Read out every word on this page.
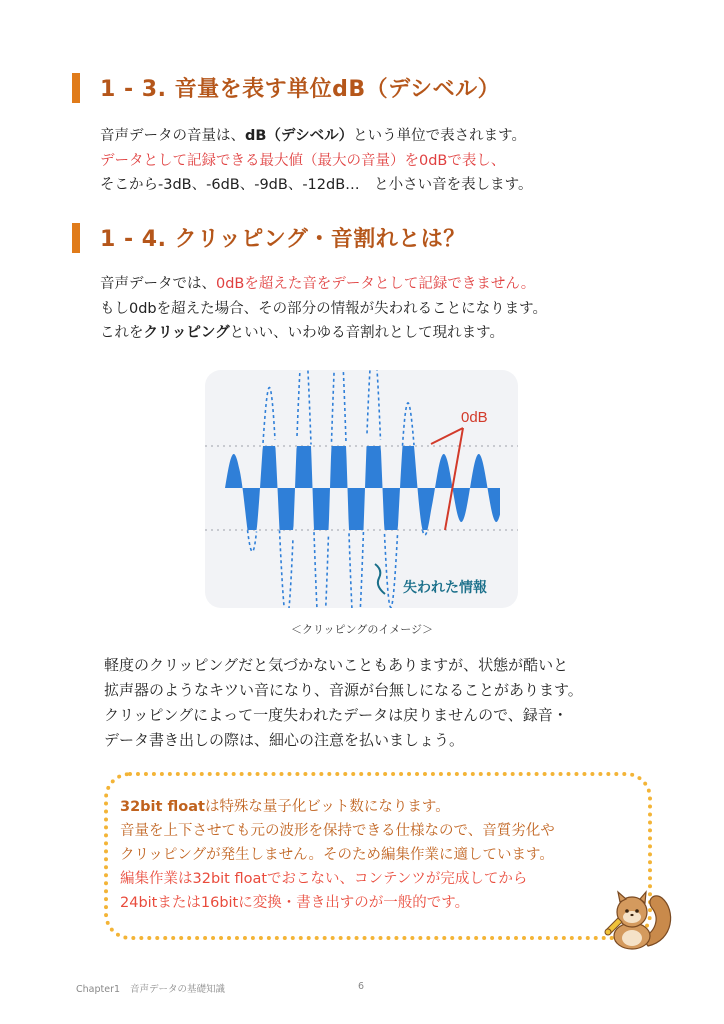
1 - 3. 音量を表す単位dB（デシベル）
音声データの音量は、dB（デシベル）という単位で表されます。
データとして記録できる最大値（最大の音量）を0dBで表し、
そこから-3dB、-6dB、-9dB、-12dB…　と小さい音を表します。
1 - 4. クリッピング・音割れとは？
音声データでは、0dBを超えた音をデータとして記録できません。
もし0dbを超えた場合、その部分の情報が失われることになります。
これをクリッピングといい、いわゆる音割れとして現れます。
0dB
失われた情報
＜クリッピングのイメージ＞
軽度のクリッピングだと気づかないこともありますが、状態が酷いと
拡声器のようなキツい音になり、音源が台無しになることがあります。
クリッピングによって一度失われたデータは戻りませんので、録音・
データ書き出しの際は、細心の注意を払いましょう。
32bit floatは特殊な量子化ビット数になります。
音量を上下させても元の波形を保持できる仕様なので、音質劣化や
クリッピングが発生しません。そのため編集作業に適しています。
編集作業は32bit floatでおこない、コンテンツが完成してから
24bitまたは16bitに変換・書き出すのが一般的です。
Chapter1 音声データの基礎知識	6
